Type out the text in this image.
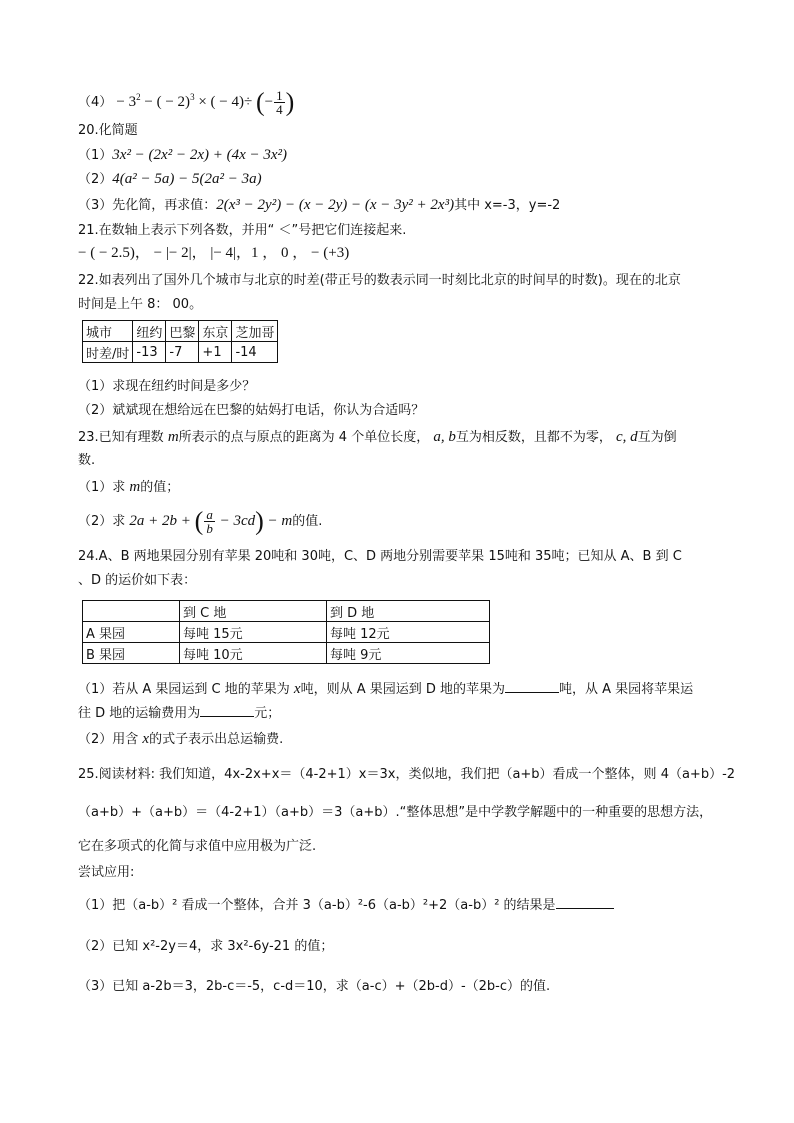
$(4) - 3^2$ − ( − 2)$^3$ × ( − 4)÷ (− $\frac{1}{4}$ )
20.化简题
（1）3x² − (2x² − 2x) + (4x − 3x²)
（2）4(a² − 5a) − 5(2a² − 3a)
（3）先化简，再求值：2(x³ − 2y²) − (x − 2y) − (x − 3y² + 2x³)其中 x=-3，y=-2
21.在数轴上表示下列各数，并用“ ＜”号把它们连接起来.
− ( − 2.5)， − |− 2|， |− 4|，1 ， 0 ， − (+3)
22.如表列出了国外几个城市与北京的时差(带正号的数表示同一时刻比北京的时间早的时数)。现在的北京
时间是上午 8： 00。
城市	纽约	巴黎	东京	芝加哥
时差/时	-13	-7	+1	-14
（1）求现在纽约时间是多少？
（2）斌斌现在想给远在巴黎的姑妈打电话，你认为合适吗？
23.已知有理数 m所表示的点与原点的距离为 4 个单位长度， a, b互为相反数，且都不为零， c, d互为倒
数.
（1）求 m的值；
（2）求 2a + 2b + ( $\frac{a}{b} - 3cd) - m$的值.
24.A、B 两地果园分别有苹果 20吨和 30吨，C、D 两地分别需要苹果 15吨和 35吨；已知从 A、B 到 C
、D 的运价如下表：
	到 C 地	到 D 地
A 果园	每吨 15元	每吨 12元
B 果园	每吨 10元	每吨 9元
（1）若从 A 果园运到 C 地的苹果为 x吨，则从 A 果园运到 D 地的苹果为	吨，从 A 果园将苹果运
往 D 地的运输费用为	元；
（2）用含 x的式子表示出总运输费.
25.阅读材料: 我们知道，4x-2x+x＝（4-2+1）x＝3x，类似地，我们把（a+b）看成一个整体，则 4（a+b）-2
（a+b）+（a+b）＝（4-2+1）（a+b）＝3（a+b）.“整体思想”是中学教学解题中的一种重要的思想方法，
它在多项式的化简与求值中应用极为广泛.
尝试应用:
（1）把（a-b）² 看成一个整体，合并 3（a-b）²-6（a-b）²+2（a-b）² 的结果是
（2）已知 x²-2y＝4，求 3x²-6y-21 的值；
（3）已知 a-2b＝3，2b-c＝-5，c-d＝10，求（a-c）+（2b-d）-（2b-c）的值.
